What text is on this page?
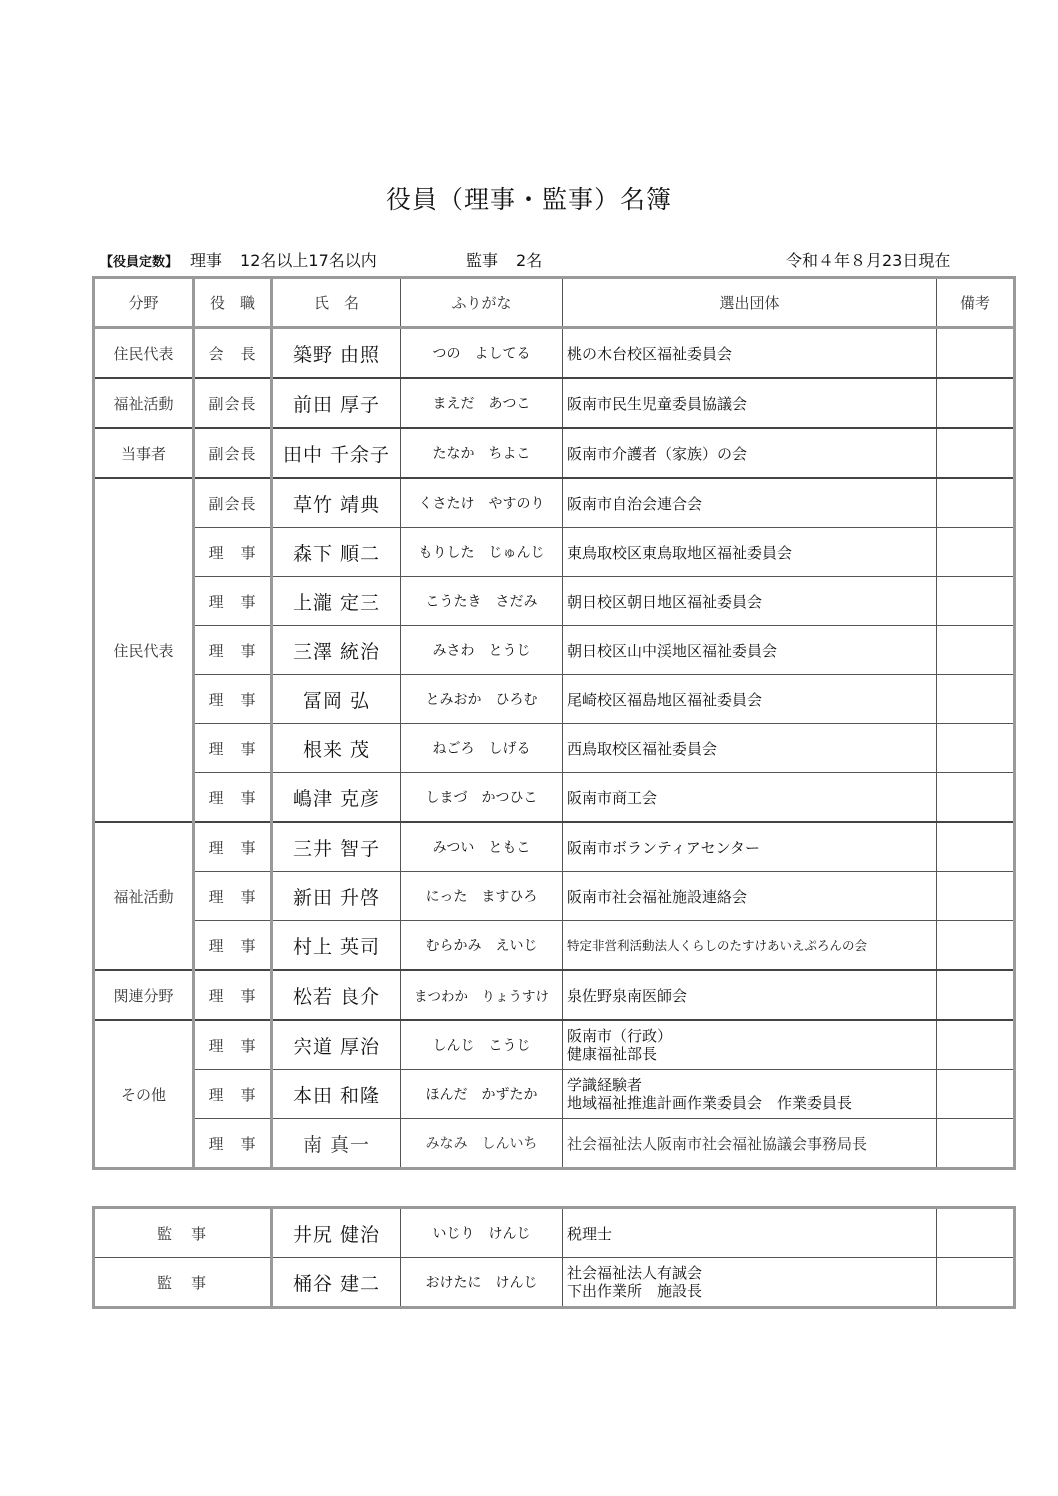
役員（理事・監事）名簿
【役員定数】 理事 12名以上17名以内	監事 2名	令和４年８月23日現在
分野	役　職	氏　名	ふりがな	選出団体	備考
住民代表	会　長	築野 由照	つの　よしてる	桃の木台校区福祉委員会	
福祉活動	副会長	前田 厚子	まえだ　あつこ	阪南市民生児童委員協議会	
当事者	副会長	田中 千余子	たなか　ちよこ	阪南市介護者（家族）の会	
住民代表	副会長	草竹 靖典	くさたけ　やすのり	阪南市自治会連合会	
	理　事	森下 順二	もりした　じゅんじ	東鳥取校区東鳥取地区福祉委員会	
	理　事	上瀧 定三	こうたき　さだみ	朝日校区朝日地区福祉委員会	
	理　事	三澤 統治	みさわ　とうじ	朝日校区山中渓地区福祉委員会	
	理　事	冨岡 弘	とみおか　ひろむ	尾崎校区福島地区福祉委員会	
	理　事	根来 茂	ねごろ　しげる	西鳥取校区福祉委員会	
	理　事	嶋津 克彦	しまづ　かつひこ	阪南市商工会	
福祉活動	理　事	三井 智子	みつい　ともこ	阪南市ボランティアセンター	
	理　事	新田 升啓	にった　ますひろ	阪南市社会福祉施設連絡会	
	理　事	村上 英司	むらかみ　えいじ	特定非営利活動法人くらしのたすけあいえぷろんの会	
関連分野	理　事	松若 良介	まつわか　りょうすけ	泉佐野泉南医師会	
その他	理　事	宍道 厚治	しんじ　こうじ	阪南市（行政）
健康福祉部長	

	理　事	本田 和隆	ほんだ　かずたか	学識経験者
地域福祉推進計画作業委員会　作業委員長	

	理　事	南 真一	みなみ　しんいち	社会福祉法人阪南市社会福祉協議会事務局長	
監　事	井尻 健治	いじり　けんじ	税理士	
監　事	桶谷 建二	おけたに　けんじ	社会福祉法人有誠会
下出作業所　施設長	
